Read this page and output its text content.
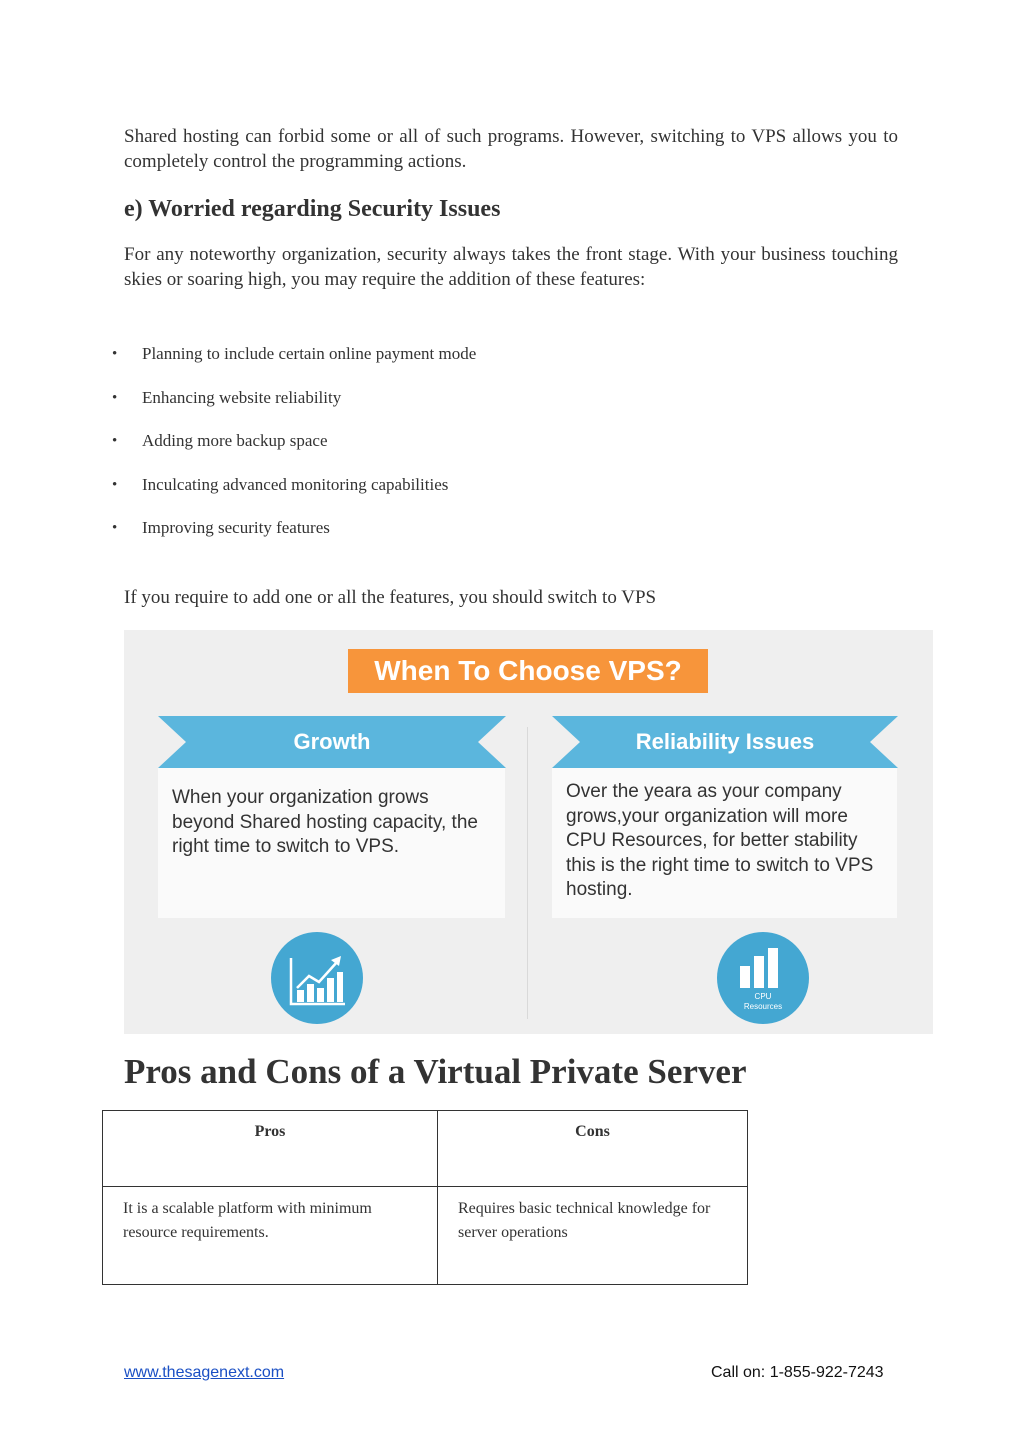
Shared hosting can forbid some or all of such programs. However, switching to VPS allows you to completely control the programming actions.

e) Worried regarding Security Issues

For any noteworthy organization, security always takes the front stage. With your business touching skies or soaring high, you may require the addition of these features:

• Planning to include certain online payment mode
• Enhancing website reliability
• Adding more backup space
• Inculcating advanced monitoring capabilities
• Improving security features

If you require to add one or all the features, you should switch to VPS

When To Choose VPS?
Growth	Reliability Issues
When your organization grows beyond Shared hosting capacity, the right time to switch to VPS.
Over the yeara as your company grows,your organization will more CPU Resources, for better stability this is the right time to switch to VPS hosting.
CPU
Resources
Pros and Cons of a Virtual Private Server
Pros	Cons
It is a scalable platform with minimum resource requirements.	Requires basic technical knowledge for server operations
www.thesagenext.com	Call on: 1-855-922-7243
